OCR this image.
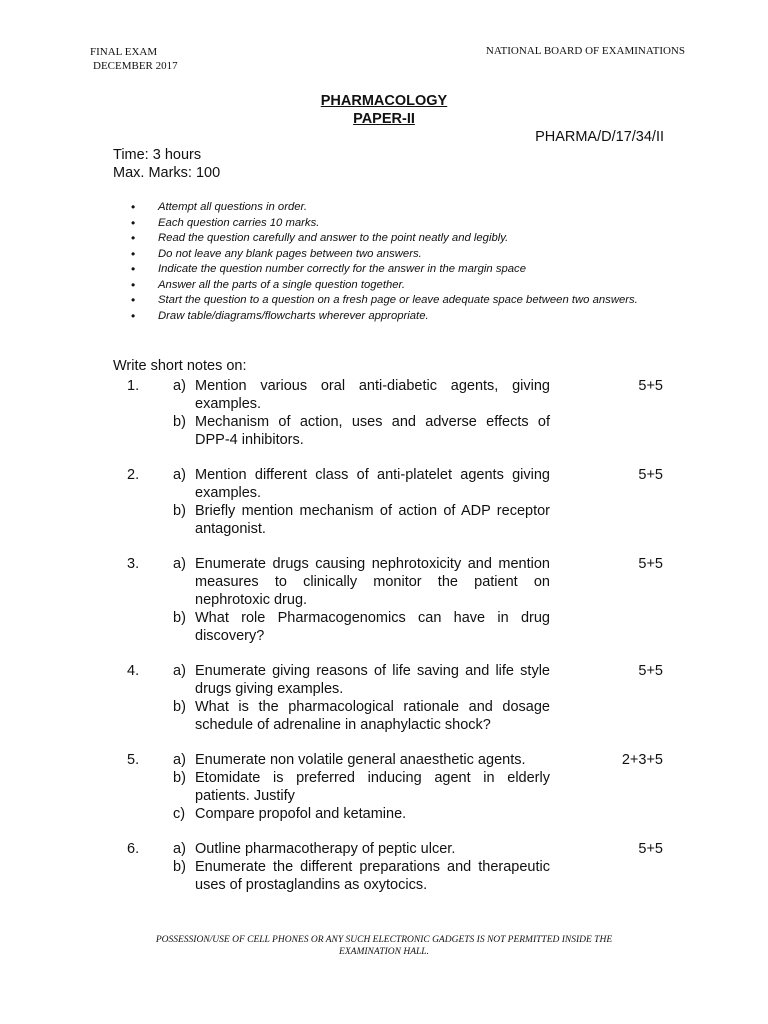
FINAL EXAM
DECEMBER 2017
NATIONAL BOARD OF EXAMINATIONS
PHARMACOLOGY
PAPER-II
PHARMA/D/17/34/II
Time: 3 hours
Max. Marks: 100
• Attempt all questions in order.
• Each question carries 10 marks.
• Read the question carefully and answer to the point neatly and legibly.
• Do not leave any blank pages between two answers.
• Indicate the question number correctly for the answer in the margin space
• Answer all the parts of a single question together.
• Start the question to a question on a fresh page or leave adequate space between two answers.
• Draw table/diagrams/flowcharts wherever appropriate.
Write short notes on:
1. a) Mention various oral anti-diabetic agents, giving examples.
b) Mechanism of action, uses and adverse effects of DPP-4 inhibitors.
5+5
2. a) Mention different class of anti-platelet agents giving examples.
b) Briefly mention mechanism of action of ADP receptor antagonist.
5+5
3. a) Enumerate drugs causing nephrotoxicity and mention measures to clinically monitor the patient on nephrotoxic drug.
b) What role Pharmacogenomics can have in drug discovery?
5+5
4. a) Enumerate giving reasons of life saving and life style drugs giving examples.
b) What is the pharmacological rationale and dosage schedule of adrenaline in anaphylactic shock?
5+5
5. a) Enumerate non volatile general anaesthetic agents.
b) Etomidate is preferred inducing agent in elderly patients. Justify
c) Compare propofol and ketamine.
2+3+5
6. a) Outline pharmacotherapy of peptic ulcer.
b) Enumerate the different preparations and therapeutic uses of prostaglandins as oxytocics.
5+5
POSSESSION/USE OF CELL PHONES OR ANY SUCH ELECTRONIC GADGETS IS NOT PERMITTED INSIDE THE
EXAMINATION HALL.
